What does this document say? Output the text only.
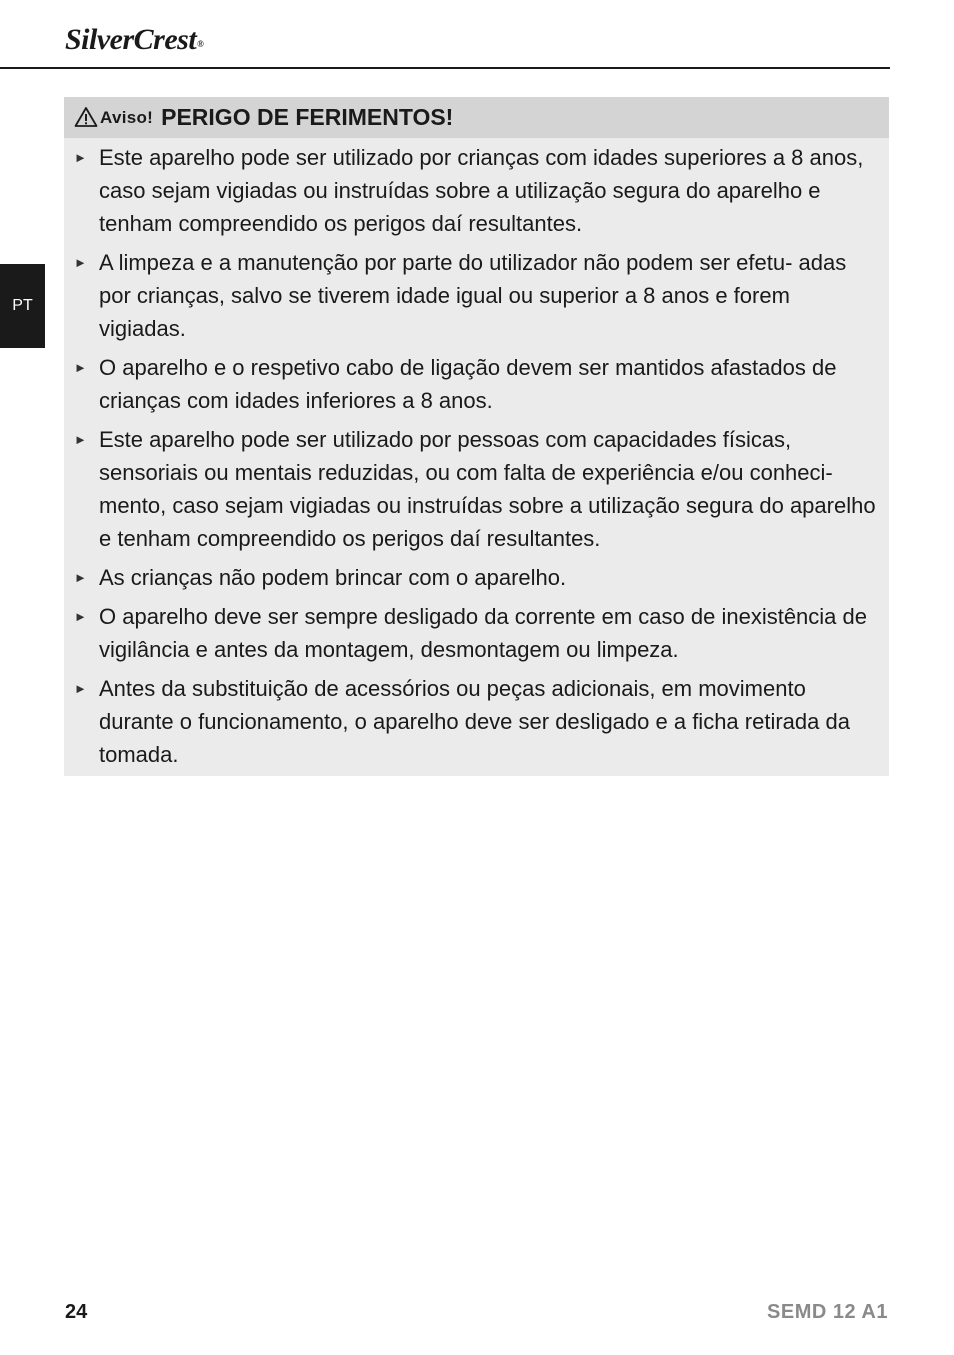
SilverCrest®
PT
Aviso! PERIGO DE FERIMENTOS!
► Este aparelho pode ser utilizado por crianças com idades superiores a 8 anos, caso sejam vigiadas ou instruídas sobre a utilização segura do aparelho e tenham compreendido os perigos daí resultantes.
► A limpeza e a manutenção por parte do utilizador não podem ser efetu- adas por crianças, salvo se tiverem idade igual ou superior a 8 anos e forem vigiadas.
► O aparelho e o respetivo cabo de ligação devem ser mantidos afastados de crianças com idades inferiores a 8 anos.
► Este aparelho pode ser utilizado por pessoas com capacidades físicas, sensoriais ou mentais reduzidas, ou com falta de experiência e/ou conheci- mento, caso sejam vigiadas ou instruídas sobre a utilização segura do aparelho e tenham compreendido os perigos daí resultantes.
► As crianças não podem brincar com o aparelho.
► O aparelho deve ser sempre desligado da corrente em caso de inexistência de vigilância e antes da montagem, desmontagem ou limpeza.
► Antes da substituição de acessórios ou peças adicionais, em movimento durante o funcionamento, o aparelho deve ser desligado e a ficha retirada da tomada.
24	SEMD 12 A1
